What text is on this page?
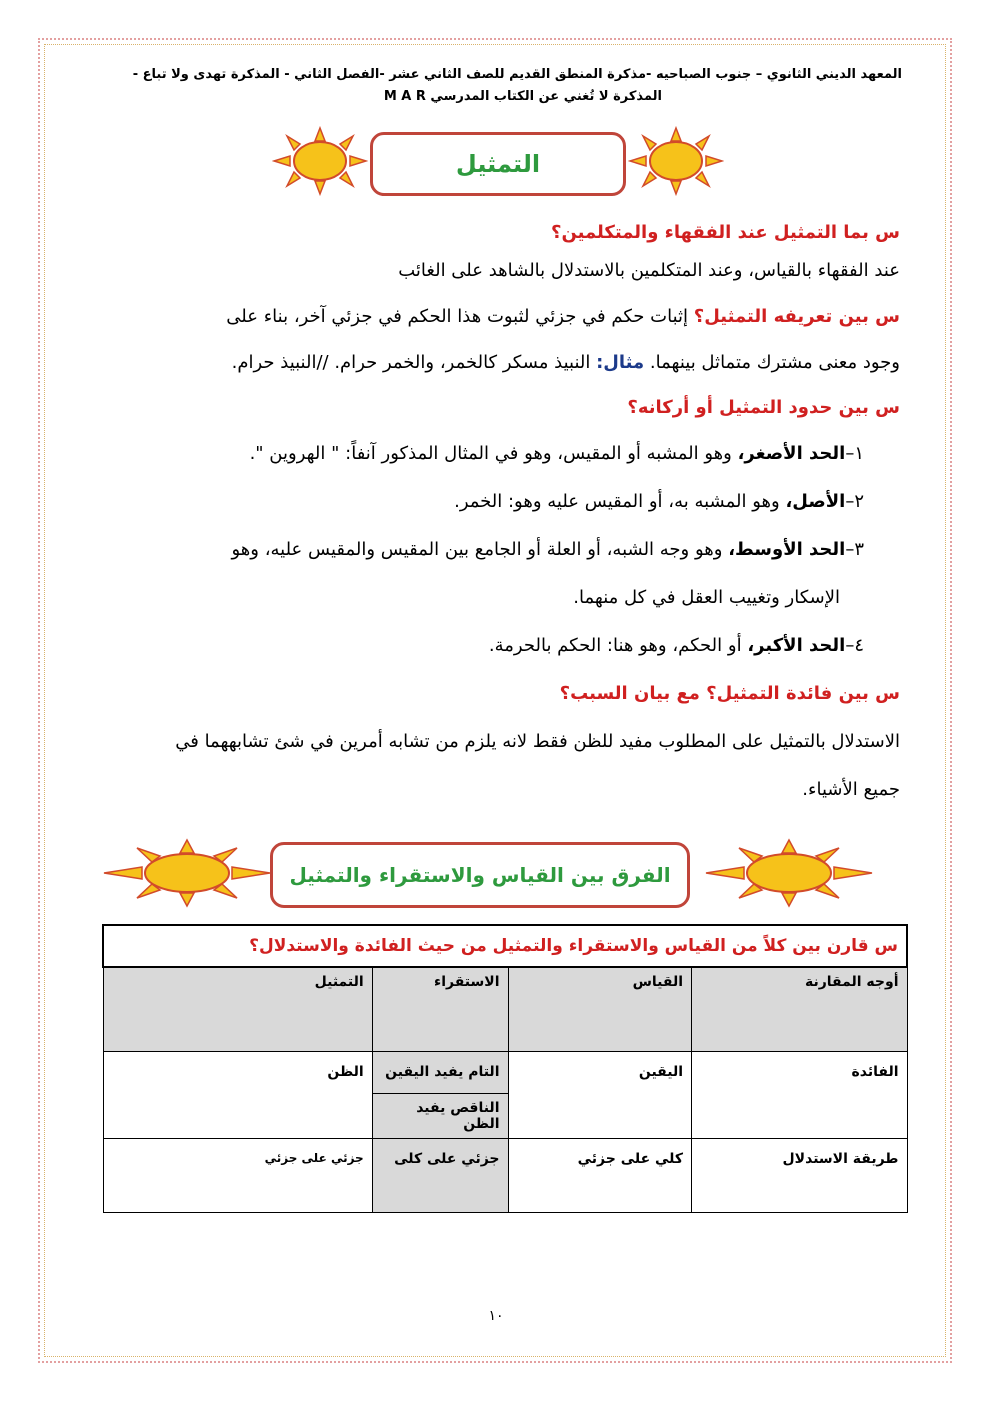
المعهد الديني الثانوي – جنوب الصباحيه -مذكرة المنطق القديم للصف الثاني عشر -الفصل الثاني - المذكرة تهدى ولا تباع -
المذكرة لا تُغني عن الكتاب المدرسي M A R
التمثيل
س بما التمثيل عند الفقهاء والمتكلمين؟
عند الفقهاء بالقياس، وعند المتكلمين بالاستدلال بالشاهد على الغائب
س بين تعريفه التمثيل؟ إثبات حكم في جزئي لثبوت هذا الحكم في جزئي آخر، بناء على
وجود معنى مشترك متماثل بينهما. مثال: النبيذ مسكر كالخمر، والخمر حرام. //النبيذ حرام.
س بين حدود التمثيل أو أركانه؟
١–الحد الأصغر، وهو المشبه أو المقيس، وهو في المثال المذكور آنفاً: " الهروين ".
٢–الأصل، وهو المشبه به، أو المقيس عليه وهو: الخمر.
٣–الحد الأوسط، وهو وجه الشبه، أو العلة أو الجامع بين المقيس والمقيس عليه، وهو
الإسكار وتغييب العقل في كل منهما.
٤–الحد الأكبر، أو الحكم، وهو هنا: الحكم بالحرمة.
س بين فائدة التمثيل؟ مع بيان السبب؟
الاستدلال بالتمثيل على المطلوب مفيد للظن فقط لانه يلزم من تشابه أمرين في شئ تشابههما في
جميع الأشياء.
الفرق بين القياس والاستقراء والتمثيل
س قارن بين كلاً من القياس والاستقراء والتمثيل من حيث الفائدة والاستدلال؟			
أوجه المقارنة	القياس	الاستقراء	التمثيل
الفائدة	اليقين	التام يفيد اليقين	الظن
		الناقص يفيد الظن	
طريقة الاستدلال	كلي على جزئي	جزئي على كلى	جزئي على جزئي
١٠
